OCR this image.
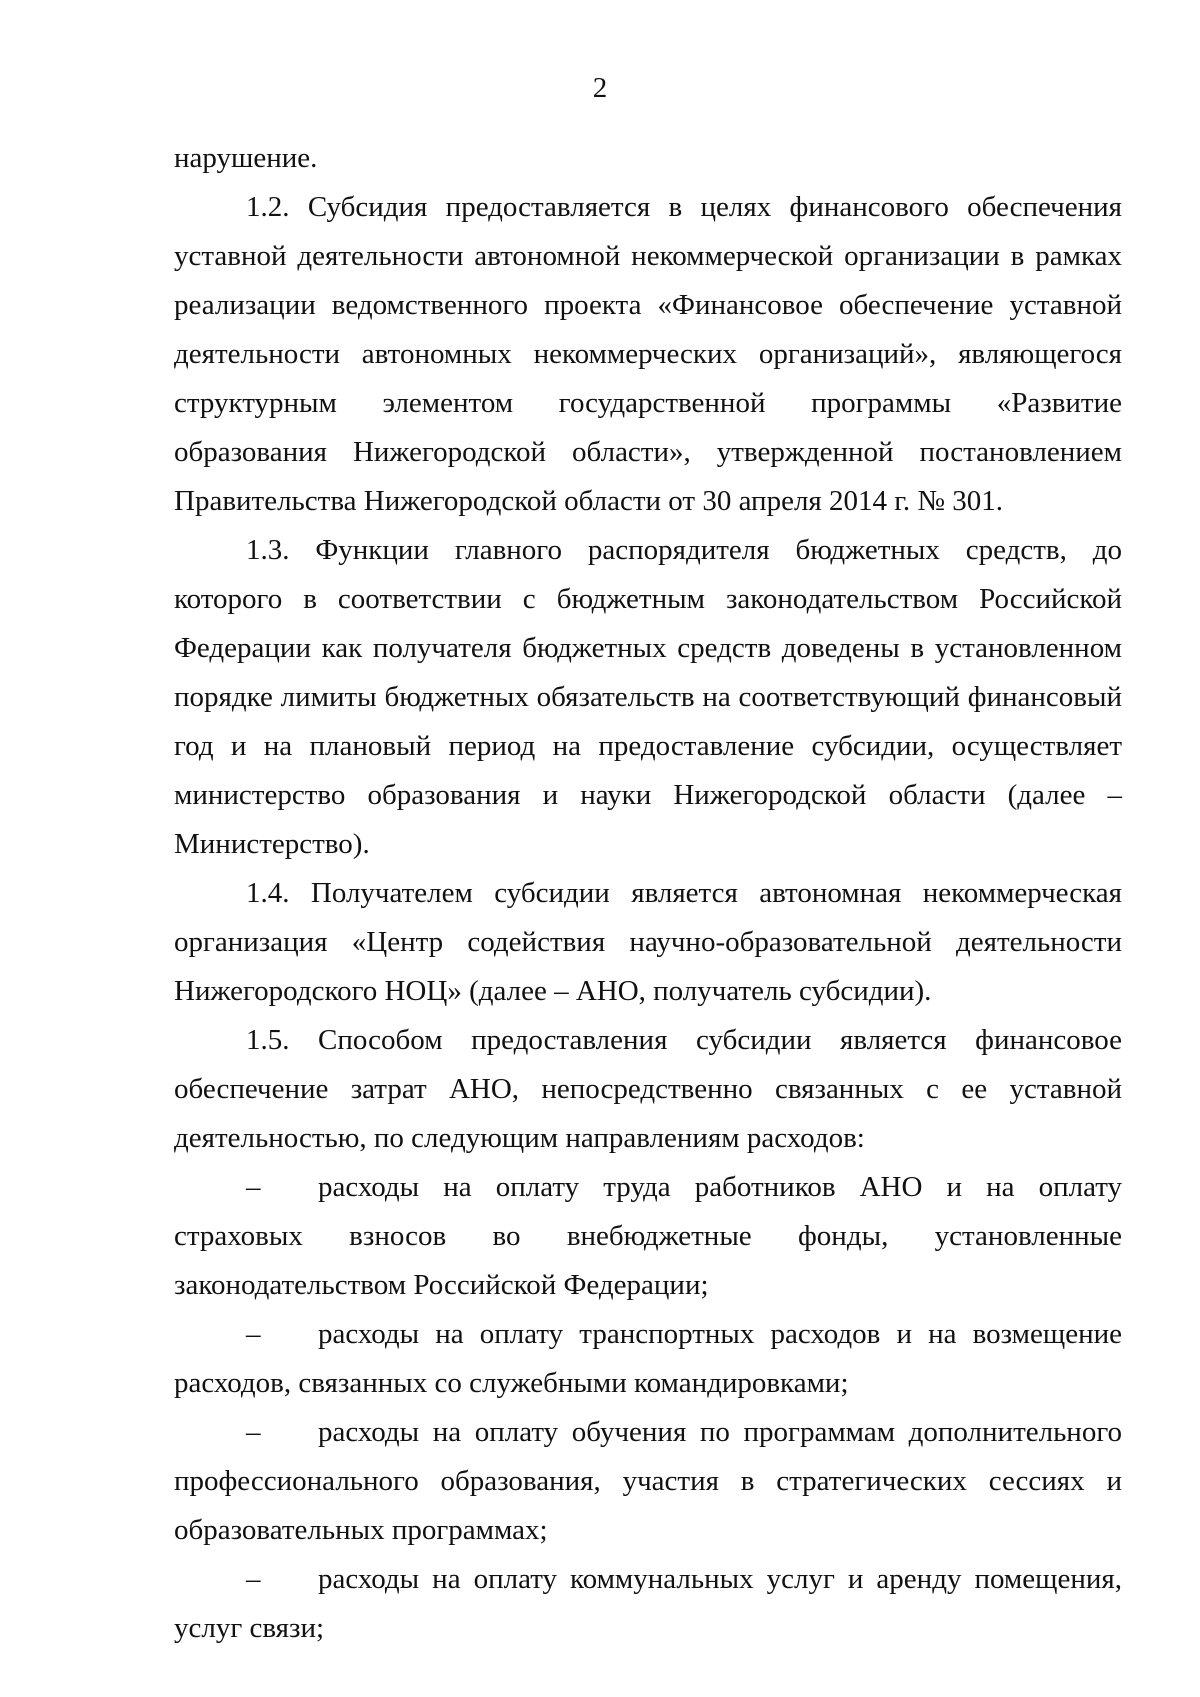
2

нарушение.

1.2. Субсидия предоставляется в целях финансового обеспечения уставной деятельности автономной некоммерческой организации в рамках реализации ведомственного проекта «Финансовое обеспечение уставной деятельности автономных некоммерческих организаций», являющегося структурным элементом государственной программы «Развитие образования Нижегородской области», утвержденной постановлением Правительства Нижегородской области от 30 апреля 2014 г. № 301.

1.3. Функции главного распорядителя бюджетных средств, до которого в соответствии с бюджетным законодательством Российской Федерации как получателя бюджетных средств доведены в установленном порядке лимиты бюджетных обязательств на соответствующий финансовый год и на плановый период на предоставление субсидии, осуществляет министерство образования и науки Нижегородской области (далее – Министерство).

1.4. Получателем субсидии является автономная некоммерческая организация «Центр содействия научно-образовательной деятельности Нижегородского НОЦ» (далее – АНО, получатель субсидии).

1.5. Способом предоставления субсидии является финансовое обеспечение затрат АНО, непосредственно связанных с ее уставной деятельностью, по следующим направлениям расходов:

– расходы на оплату труда работников АНО и на оплату страховых взносов во внебюджетные фонды, установленные законодательством Российской Федерации;

– расходы на оплату транспортных расходов и на возмещение расходов, связанных со служебными командировками;

– расходы на оплату обучения по программам дополнительного профессионального образования, участия в стратегических сессиях и образовательных программах;

– расходы на оплату коммунальных услуг и аренду помещения, услуг связи;
